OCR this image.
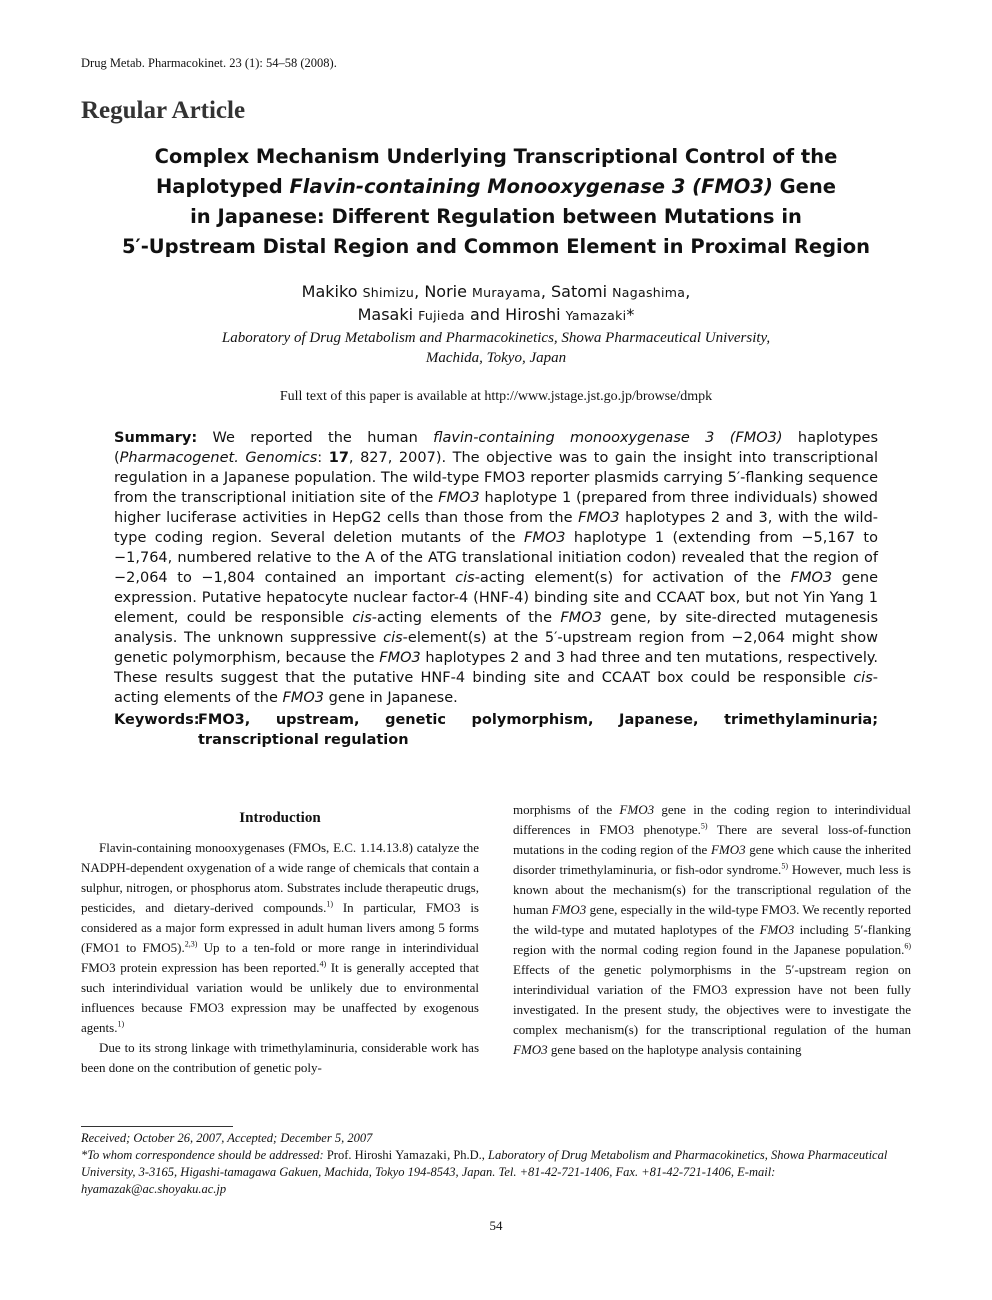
Drug Metab. Pharmacokinet. 23 (1): 54–58 (2008).
Regular Article
Complex Mechanism Underlying Transcriptional Control of the
Haplotyped Flavin-containing Monooxygenase 3 (FMO3) Gene
in Japanese: Different Regulation between Mutations in
5′-Upstream Distal Region and Common Element in Proximal Region
Makiko Shimizu, Norie Murayama, Satomi Nagashima,
Masaki Fujieda and Hiroshi Yamazaki*
Laboratory of Drug Metabolism and Pharmacokinetics, Showa Pharmaceutical University,
Machida, Tokyo, Japan
Full text of this paper is available at http://www.jstage.jst.go.jp/browse/dmpk
Summary: We reported the human flavin-containing monooxygenase 3 (FMO3) haplotypes (Pharmacogenet. Genomics: 17, 827, 2007). The objective was to gain the insight into transcriptional regulation in a Japanese population. The wild-type FMO3 reporter plasmids carrying 5′-flanking sequence from the transcriptional initiation site of the FMO3 haplotype 1 (prepared from three individuals) showed higher luciferase activities in HepG2 cells than those from the FMO3 haplotypes 2 and 3, with the wild-type coding region. Several deletion mutants of the FMO3 haplotype 1 (extending from −5,167 to −1,764, numbered relative to the A of the ATG translational initiation codon) revealed that the region of −2,064 to −1,804 contained an important cis-acting element(s) for activation of the FMO3 gene expression. Putative hepatocyte nuclear factor-4 (HNF-4) binding site and CCAAT box, but not Yin Yang 1 element, could be responsible cis-acting elements of the FMO3 gene, by site-directed mutagenesis analysis. The unknown suppressive cis-element(s) at the 5′-upstream region from −2,064 might show genetic polymorphism, because the FMO3 haplotypes 2 and 3 had three and ten mutations, respectively. These results suggest that the putative HNF-4 binding site and CCAAT box could be responsible cis-acting elements of the FMO3 gene in Japanese.
Keywords:
FMO3, upstream, genetic polymorphism, Japanese, trimethylaminuria; transcriptional regulation
Introduction

Flavin-containing monooxygenases (FMOs, E.C. 1.14.13.8) catalyze the NADPH-dependent oxygenation of a wide range of chemicals that contain a sulphur, nitrogen, or phosphorus atom. Substrates include therapeutic drugs, pesticides, and dietary-derived compounds.$^{1)}$ In particular, FMO3 is considered as a major form expressed in adult human livers among 5 forms (FMO1 to FMO5).$^{2,3)}$ Up to a ten-fold or more range in interindividual FMO3 protein expression has been reported.$^{4)}$ It is generally accepted that such interindividual variation would be unlikely due to environmental influences because FMO3 expression may be unaffected by exogenous agents.$^{1)}$

Due to its strong linkage with trimethylaminuria, considerable work has been done on the contribution of genetic poly-

morphisms of the FMO3 gene in the coding region to interindividual differences in FMO3 phenotype.$^{5)}$ There are several loss-of-function mutations in the coding region of the FMO3 gene which cause the inherited disorder trimethylaminuria, or fish-odor syndrome.$^{5)}$ However, much less is known about the mechanism(s) for the transcriptional regulation of the human FMO3 gene, especially in the wild-type FMO3. We recently reported the wild-type and mutated haplotypes of the FMO3 including 5′-flanking region with the normal coding region found in the Japanese population.$^{6)}$ Effects of the genetic polymorphisms in the 5′-upstream region on interindividual variation of the FMO3 expression have not been fully investigated. In the present study, the objectives were to investigate the complex mechanism(s) for the transcriptional regulation of the human FMO3 gene based on the haplotype analysis containing

Received; October 26, 2007, Accepted; December 5, 2007
*To whom correspondence should be addressed: Prof. Hiroshi Yamazaki, Ph.D., Laboratory of Drug Metabolism and Pharmacokinetics, Showa Pharmaceutical University, 3-3165, Higashi-tamagawa Gakuen, Machida, Tokyo 194-8543, Japan. Tel. +81-42-721-1406, Fax. +81-42-721-1406, E-mail: hyamazak@ac.shoyaku.ac.jp
54
